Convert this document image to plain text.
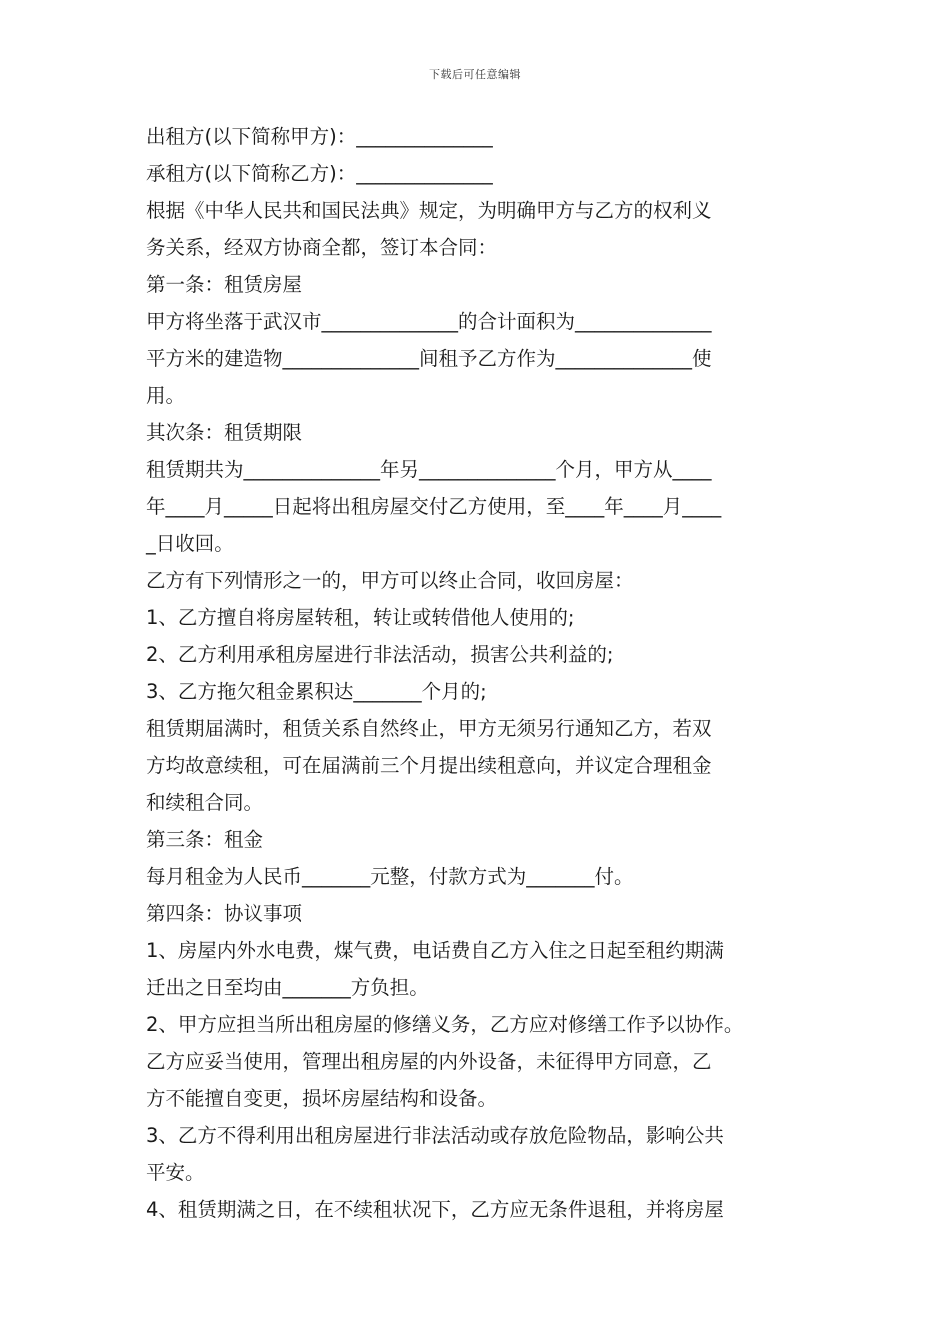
下载后可任意编辑
出租方(以下简称甲方)：______________
承租方(以下简称乙方)：______________
根据《中华人民共和国民法典》规定，为明确甲方与乙方的权利义
务关系，经双方协商全都，签订本合同：
第一条：租赁房屋
甲方将坐落于武汉市______________的合计面积为______________
平方米的建造物______________间租予乙方作为______________使
用。
其次条：租赁期限
租赁期共为______________年另______________个月，甲方从____
年____月_____日起将出租房屋交付乙方使用，至____年____月____
_日收回。
乙方有下列情形之一的，甲方可以终止合同，收回房屋：
1、乙方擅自将房屋转租，转让或转借他人使用的;
2、乙方利用承租房屋进行非法活动，损害公共利益的;
3、乙方拖欠租金累积达_______个月的;
租赁期届满时，租赁关系自然终止，甲方无须另行通知乙方，若双
方均故意续租，可在届满前三个月提出续租意向，并议定合理租金
和续租合同。
第三条：租金
每月租金为人民币_______元整，付款方式为_______付。
第四条：协议事项
1、房屋内外水电费，煤气费，电话费自乙方入住之日起至租约期满
迁出之日至均由_______方负担。
2、甲方应担当所出租房屋的修缮义务，乙方应对修缮工作予以协作。
乙方应妥当使用，管理出租房屋的内外设备，未征得甲方同意，乙
方不能擅自变更，损坏房屋结构和设备。
3、乙方不得利用出租房屋进行非法活动或存放危险物品，影响公共
平安。
4、租赁期满之日，在不续租状况下，乙方应无条件退租，并将房屋
